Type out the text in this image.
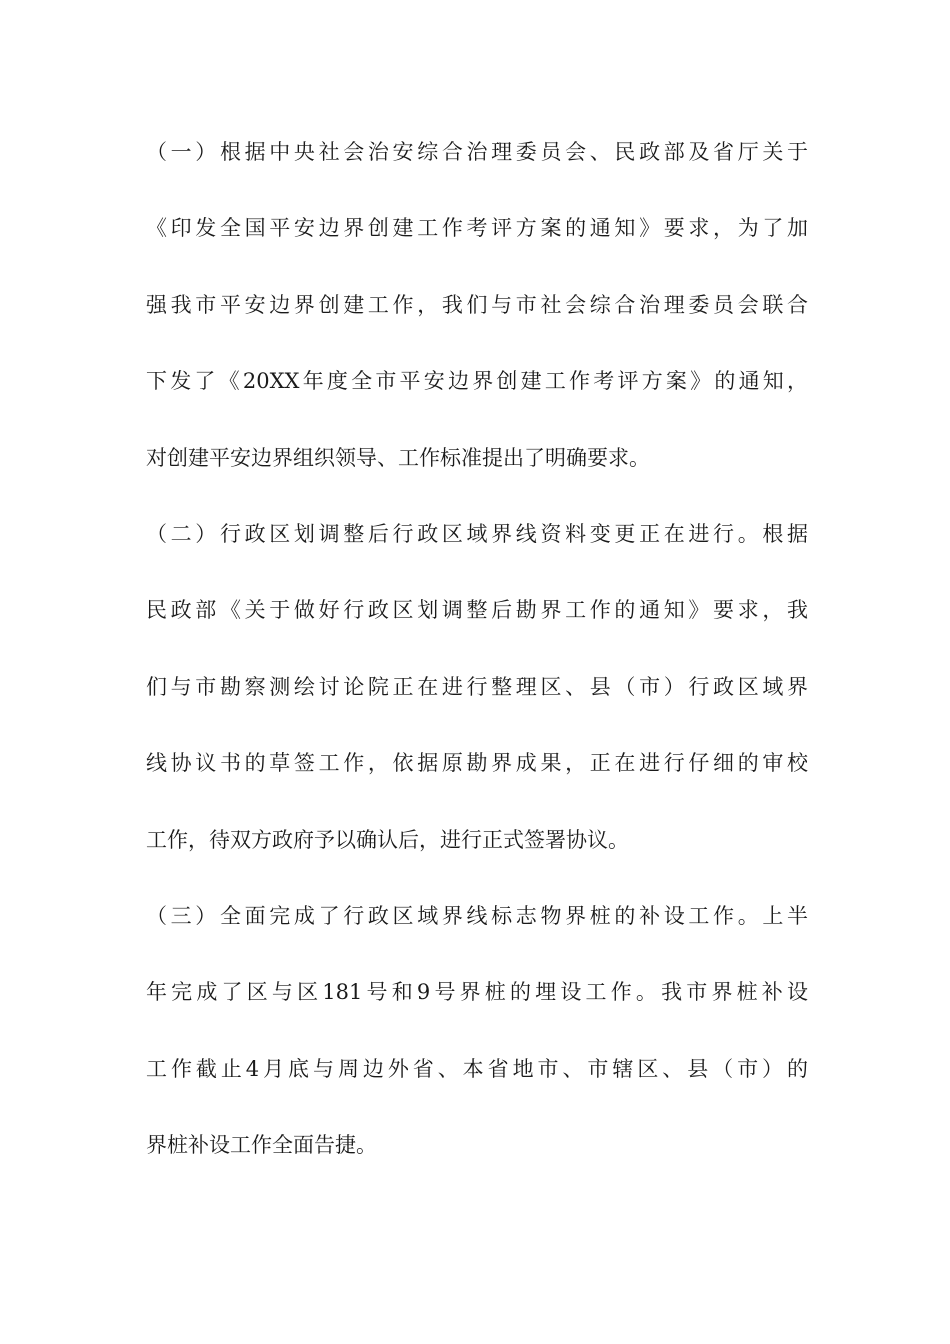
（一）根据中央社会治安综合治理委员会、民政部及省厅关于
《印发全国平安边界创建工作考评方案的通知》要求，为了加
强我市平安边界创建工作，我们与市社会综合治理委员会联合
下发了《20XX年度全市平安边界创建工作考评方案》的通知，
对创建平安边界组织领导、工作标准提出了明确要求。
（二）行政区划调整后行政区域界线资料变更正在进行。根据
民政部《关于做好行政区划调整后勘界工作的通知》要求，我
们与市勘察测绘讨论院正在进行整理区、县（市）行政区域界
线协议书的草签工作，依据原勘界成果，正在进行仔细的审校
工作，待双方政府予以确认后，进行正式签署协议。
（三）全面完成了行政区域界线标志物界桩的补设工作。上半
年完成了区与区181号和9号界桩的埋设工作。我市界桩补设
工作截止4月底与周边外省、本省地市、市辖区、县（市）的
界桩补设工作全面告捷。
